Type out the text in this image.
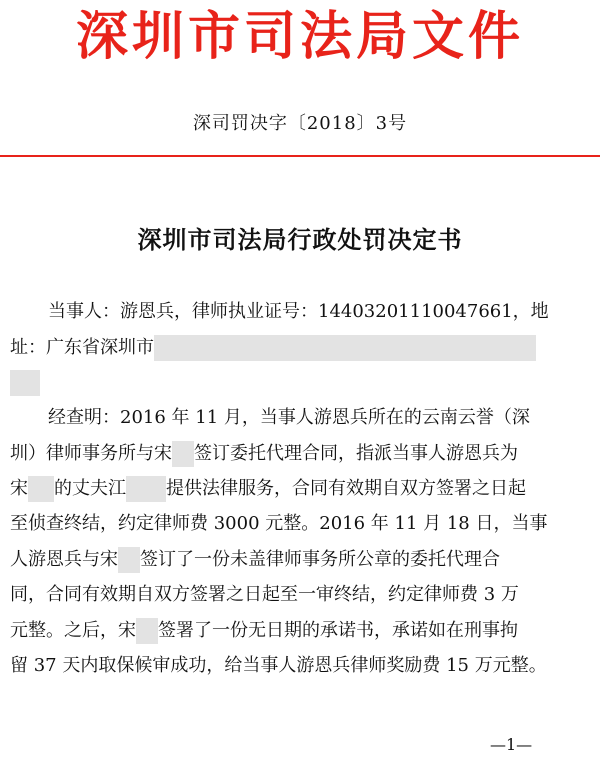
深圳市司法局文件
深司罚决字〔2018〕3号
深圳市司法局行政处罚决定书
当事人：游恩兵，律师执业证号：14403201110047661，地
址：广东省深圳市
经查明：2016 年 11 月，当事人游恩兵所在的云南云誉（深
圳）律师事务所与宋 签订委托代理合同，指派当事人游恩兵为
宋 的丈夫江 提供法律服务，合同有效期自双方签署之日起
至侦查终结，约定律师费 3000 元整。2016 年 11 月 18 日，当事
人游恩兵与宋 签订了一份未盖律师事务所公章的委托代理合
同，合同有效期自双方签署之日起至一审终结，约定律师费 3 万
元整。之后，宋 签署了一份无日期的承诺书，承诺如在刑事拘
留 37 天内取保候审成功，给当事人游恩兵律师奖励费 15 万元整。
—1—
